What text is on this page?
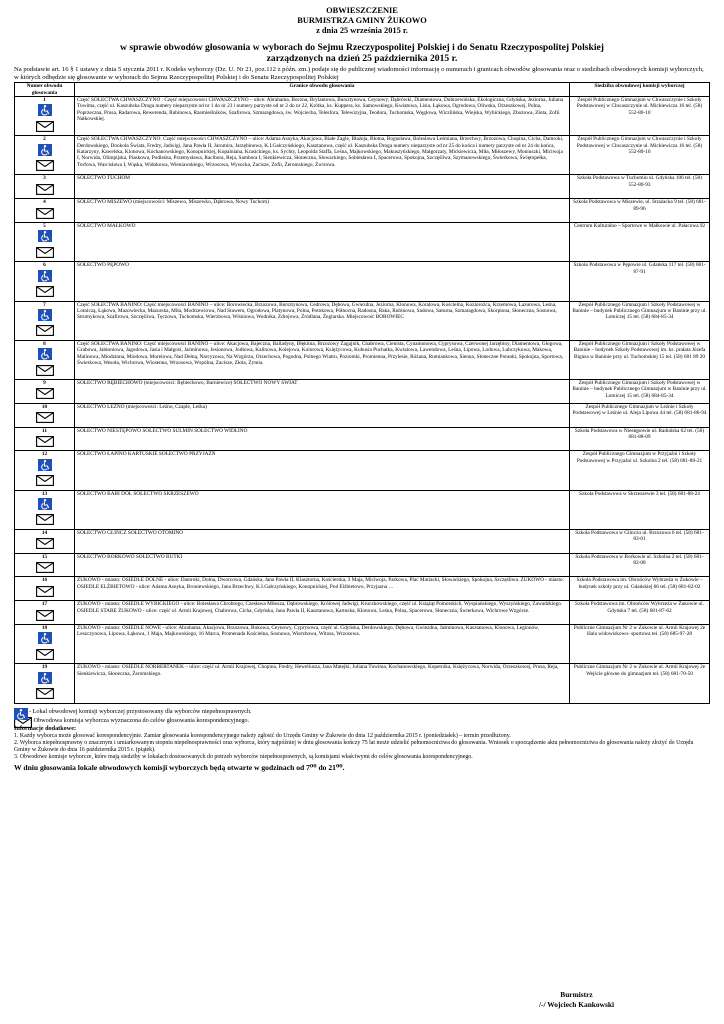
OBWIESZCZENIE
BURMISTRZA GMINY ŻUKOWO
z dnia 25 września 2015 r.
w sprawie obwodów głosowania w wyborach do Sejmu Rzeczypospolitej Polskiej i do Senatu Rzeczypospolitej Polskiej
zarządzonych na dzień 25 października 2015 r.
Na podstawie art. 16 § 1 ustawy z dnia 5 stycznia 2011 r. Kodeks wyborczy (Dz. U. Nr 21, poz.112 z późn. zm.) podaje się do publicznej wiadomości informację o numerach i granicach obwodów głosowania oraz o siedzibach obwodowych komisji wyborczych, w których odbędzie się głosowanie w wyborach do Sejmu Rzeczypospolitej Polskiej i do Senatu Rzeczypospolitej Polskiej
Numer obwodu głosowania	Granice obwodu głosowania	Siedziba obwodowej komisji wyborczej

1	Część SOŁECTWA CHWASZCZYNO : Część miejscowości CHWASZCZYNO – ulice: Abrahama, Boczna, Brylantowa, Bursztynowa, Ceynowy, Dąbrówki, Diamentowa, Dobrzewińska, Ekologiczna, Gdyńska, Jeziorna, Juliana Tuwima, część ul. Kaszubska Droga numery nieparzyste od nr 1 do nr 23 i numery parzyste od nr 2 do nr 22, Krótka, ks. Kuppera, ks. Samowskiego, Kwiatowa, Lisia, Łąkowa, Ogrodowa, Oliwska, Orzeszkowej, Polna, Poprzeczna, Prusa, Radarowa, Rewerenda, Rubinowa, Rzemieślników, Szafirowa, Szmaragdowa, św. Wojciecha, Telesfora, Telewizyjna, Teodora, Tuchomska, Węglowa, Wiczlińska, Wiejska, Wybickiego, Zbożowa, Złota, Zofii Nałkowskiej.	Zespół Publicznego Gimnazjum w Chwaszczynie i Szkoły Podstawowej w Chwaszczynie ul. Mickiewicza 16 tel. (58) 552-80-10

2	Część SOŁECTWA CHWASZCZYNO: Część miejscowości CHWASZCZYNO – ulice: Adama Asnyka, Akacjowa, Białe Żagle, Błażeja, Błotna, Bogusława, Bolesława Leśmiana, Brzechwy, Brzozowa, Chopina, Cicha, Damroki, Derdowskiego, Dookoła Świata, Fredry, Jadwigi, Jana Pawła II, Jaromira, Jarzębinowa, K.I.Gałczyńskiego, Kasztanowa, część ul. Kaszubska Droga numery nieparzyste od nr 25 do końca i numery parzyste od nr 24 do końca, Katarzyny, Kawelska, Klonowa, Kochanowskiego, Konopnickiej, Kopalniana, Krasickiego, ks. Sychty, Leopolda Staffa, Leśna, Majkowskiego, Makuszyńskiego, Małgorzaty, Mickiewicza, Miła, Miłoszewy, Moniuszki, Miciwoja I, Norwida, Olimpijska, Piaskowa, Podleśna, Przemysława, Racibora, Reja, Sambora I, Sienkiewicza, Słoneczna, Słowackiego, Sobiesława I, Spacerowa, Spokojna, Szczęśliwa, Szymanowskiego, Świerkowa, Świętopełka, Torfowa, Warcisława I, Wąska, Widokowa, Wieniawskiego, Wrzosowa, Wysocka, Zacisze, Zofii, Żeromskiego, Żwirowa.	Zespół Publicznego Gimnazjum w Chwaszczynie i Szkoły Podstawowej w Chwaszczynie ul. Mickiewicza 16 tel. (58) 552-80-10

3	SOŁECTWO TUCHOM	Szkoła Podstawowa w Tuchomiu ul. Gdyńska 106 tel. (58) 552-80-93

4	SOŁECTWO MISZEWO (miejscowości: Miszewo, Miszewko, Dąbrowa, Nowy Tuchom)	Szkoła Podstawowa w Miszewie, ul. Strażacka 9 tel. (58) 681-89-96

5	SOŁECTWO MAŁKOWO	Centrum Kulturalno – Sportowe w Małkowie ul. Pałacowa 92

6	SOŁECTWO PĘPOWO	Szkoła Podstawowa w Pępowie ul. Gdańska 117 tel. (58) 681-87-91

7	Część SOŁECTWA BANINO: Część miejscowości BANINO – ulice: Borowiecka, Brzozowa, Bursztynowa, Cedrowa, Dębowa, Gwiezdna, Jeziorna, Klonowa, Koralowa, Kościelna, Koziorożca, Krzemowa, Lazurowa, Leśna, Lotniczą, Łąkowa, Mazowiecka, Mazurska, Miła, Modrzewiowa, Nad Stawem, Ogrodowa, Platynowa, Polna, Potokowa, Północna, Radosna, Raka, Rubinowa, Sadowa, Saturna, Szmaragdowa, Skorpiona, Słoneczna, Sosnowa, Strumykowa, Szafirowa, Szczęśliwa, Tęczowa, Tuchomska, Wierzbowa, Wiśniowa, Wodnika, Zdrojowa, Źródlana, Żeglarska. Miejscowość BOROWIEC	Zespół Publicznego Gimnazjum i Szkoły Podstawowej w Baninie – budynek Publicznego Gimnazjum w Baninie przy ul. Lotniczej 15 tel. (58) 684-85-34

8	Część SOŁECTWA BANINO: Część miejscowości BANINO – ulice: Akacjowa, Bajeczna, Balladyny, Błękitna, Brzozowy Zagajnik, Chabrowa, Cienista, Cynamonowa, Cyprysowa, Czerwonej Jarzębiny, Diamentowa, Głogowa, Grabowa, Jabłoniowa, Jagodowa, Jasia i Małgosi, Jaśminowa, Jesionowa, Jodłowa, Kalinowa, Kolejowa, Kolorowa, Księżycowa, Kubusia Puchatka, Kwiatowa, Lawendowa, Leśna, Lipowa, Lodowa, Lubczykowa, Makowa, Malinowa, Miodzinna, Miodowa, Morelowa, Nad Delną, Narcyzowa, Na Wzgórzu, Orzechowa, Pogodna, Polnego Wiatru, Poziomki, Promienna, Przylesie, Różana, Rumiankowa, Sienna, Słoneczne Poranki, Spokojna, Sportowa, Świerkowa, Wesoła, Wichrowa, Wiosenna, Wrzosowa, Wspólna, Zacisze, Złota, Żytnia.	Zespół Publicznego Gimnazjum i Szkoły Podstawowej w Baninie – budynek Szkoły Podstawowej im. ks. prałata Józefa Bigusa w Baninie przy ul. Tuchomskiej 15 tel. (58) 681 89 20

9	SOŁECTWO RĘBIECHOWO (miejscowości: Rębiechowo, Barniewice) SOŁECTWO NOWY ŚWIAT	Zespół Publicznego Gimnazjum i Szkoły Podstawowej w Baninie – budynek Publicznego Gimnazjum w Baninie przy ul. Lotniczej 15 tel. (58) 684-85-34

10	SOŁECTWO LEŹNO (miejscowości: Leźno, Czaple, Leśka)	Zespół Publicznego Gimnazjum w Leźnie i Szkoły Podstawowej w Leźnie ul. Aleja Lipowa 44 tel. (58) 681-86-94

11	SOŁECTWO NIESTĘPOWO SOŁECTWO SULMIN SOŁECTWO WIDLINO	Szkoła Podstawowa w Niestępowie ul. Raduńska 62 tel. (58) 681-88-09

12	SOŁECTWO ŁAPINO KARTUSKIE SOŁECTWO PRZYJAŹŃ	Zespół Publicznego Gimnazjum w Przyjaźni i Szkoły Podstawowej w Przyjaźni ul. Szkolna 2 tel. (58) 681-80-21

13	SOŁECTWO BABI DÓŁ SOŁECTWO SKRZESZEWO	Szkoła Podstawowa w Skrzeszewie 3 tel. (58) 681-88-24

14	SOŁECTWO GLINCZ SOŁECTWO OTOMINO	Szkoła Podstawowa w Glinczu ul. Brzozowa 6 tel. (58) 681-83-01

15	SOŁECTWO BORKOWO SOŁECTWO RUTKI	Szkoła Podstawowa w Borkowie ul. Szkolna 2 tel. (58) 681-82-08

16	ŻUKOWO - miasto: OSIEDLE DOLNE - ulice: Damroki, Dolna, Dworcowa, Gdańska, Jana Pawła II, Klasztorna, Kościerska, 3 Maja, Miciwoja, Parkowa, Plac Mariacki, Słowackiego, Spokojna, Szczęśliwa. ŻUKOWO - miasto: OSIEDLE ELŻBIETOWO - ulice: Adama Asnyka, Broniewskiego, Jana Brzechwy, K.I.Gałczyńskiego, Konopnickiej, Pod Elżbietowo, Przyjazna …	Szkoła Podstawowa im. Obrońców Wybrzeża w Żukowie – budynek szkoły przy ul. Gdańskiej 66 tel. (58) 681-82-02

17	ŻUKOWO - miasto: OSIEDLE WYBICKIEGO - ulice: Bolesława Chrobrego, Czesława Miłosza, Dąbrowskiego, Królowej Jadwigi, Kruczkowskiego, część ul. Książąt Pomorskich, Wyspiańskiego, Wyszyńskiego, Zawadzkiego. OSIEDLE STARE ŻUKOWO - ulice: część ul. Armii Krajowej, Chabrowa, Cicha, Gdyńska, Jana Pawła II, Kasztanowa, Kartuska, Klonowa, Leśna, Polna, Spacerowa, Słoneczna, Świerkowa, Wichrowe Wzgórze.	Szkoła Podstawowa im. Obrońców Wybrzeża w Żukowie ul. Gdyńska 7 tel. (58) 681-87-62

18	ŻUKOWO - miasto: OSIEDLE NOWE - ulice: Abrahama, Akacjowa, Brzozowa, Bukowa, Ceynowy, Cyprysowa, część ul. Gdyńska, Derdowskiego, Dębowa, Gwiezdna, Jaśminowa, Kasztanowa, Klonowa, Legionów, Leszczynowa, Lipowa, Łąkowa, 1 Maja, Majkowskiego, 16 Marca, Promenada Kościelna, Sosnowa, Wierzbowa, Witosa, Wrzosowa.	Publiczne Gimnazjum Nr 2 w Żukowie ul. Armii Krajowej 2e Hala widowiskowo- sportowa tel. (58) 685-97-28

19	ŻUKOWO - miasto: OSIEDLE NORBERTANEK – ulice: część ul. Armii Krajowej, Chopina, Fredry, Heweliusza, Jana Matejki, Juliana Tuwima, Kochanowskiego, Kopernika, Księżycowa, Norwida, Orzeszkowej, Prusa, Reja, Sienkiewicza, Słoneczna, Żeromskiego.	Publiczne Gimnazjum Nr 2 w Żukowie ul. Armii Krajowej 2e Wejście główne do gimnazjum tel. (58) 681-70-50
- Lokal obwodowej komisji wyborczej przystosowany dla wyborców niepełnosprawnych.
- Obwodowa komisja wyborcza wyznaczona do celów głosowania korespondencyjnego.
Informacje dodatkowe:
1. Każdy wyborca może głosować korespondencyjnie. Zamiar głosowania korespondencyjnego należy zgłosić do Urzędu Gminy w Żukowie do dnia 12 października 2015 r. (poniedziałek) – termin przedłużony.
2. Wyborca niepełnosprawny o znacznym i umiarkowanym stopniu niepełnosprawności oraz wyborca, który najpóźniej w dniu głosowania kończy 75 lat może udzielić pełnomocnictwa do głosowania. Wniosek o sporządzenie aktu pełnomocnictwa do głosowania należy złożyć do Urzędu Gminy w Żukowie do dnia 16 października 2015 r. (piątek).
3. Obwodowe komisje wyborcze, które mają siedziby w lokalach dostosowanych do potrzeb wyborców niepełnosprawnych, są komisjami właściwymi do celów głosowania korespondencyjnego.
W dniu głosowania lokale obwodowych komisji wyborczych będą otwarte w godzinach od 7⁰⁰ do 21⁰⁰.
Burmistrz
/-/ Wojciech Kankowski
